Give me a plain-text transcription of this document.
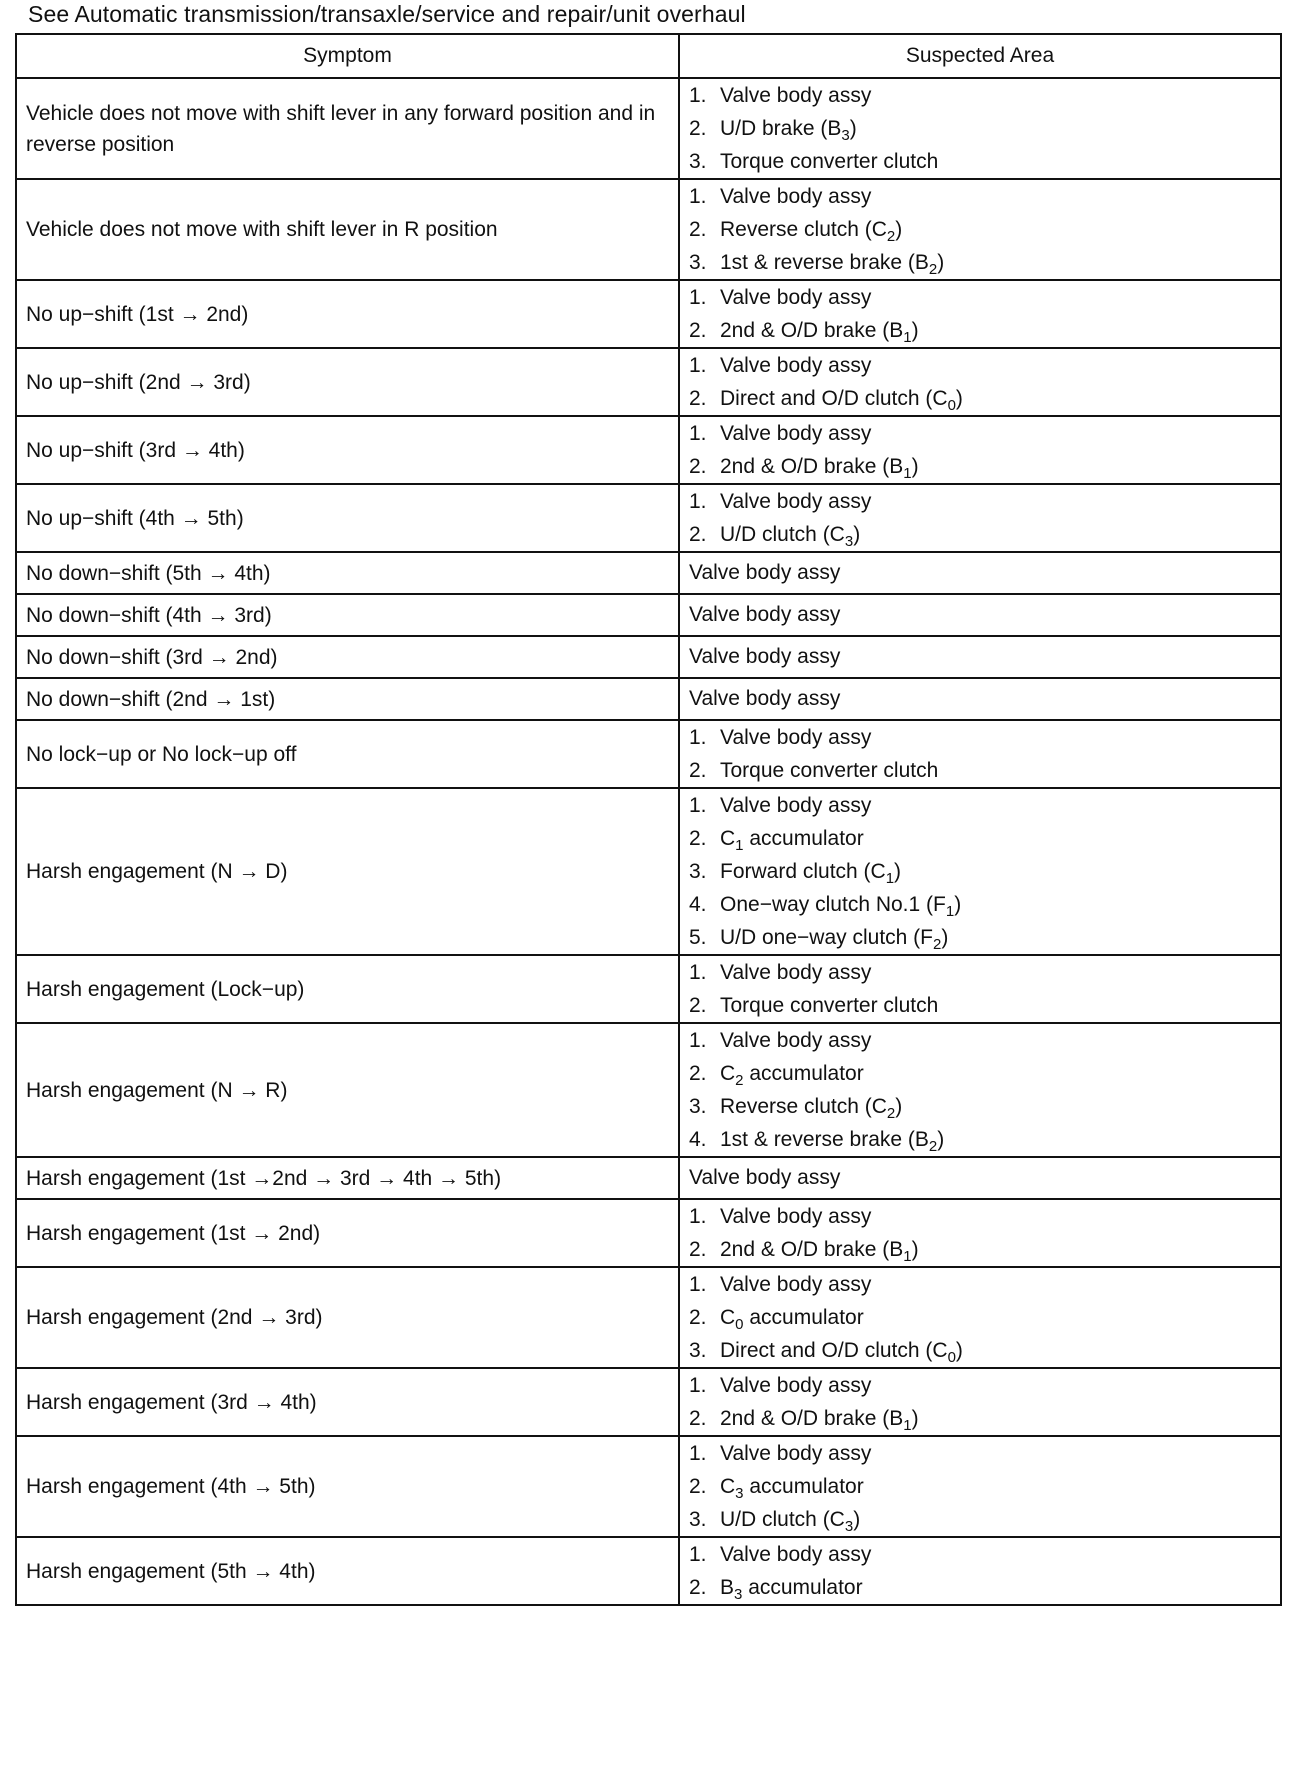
See Automatic transmission/transaxle/service and repair/unit overhaul
Symptom	Suspected Area
Vehicle does not move with shift lever in any forward position and in reverse position	1. Valve body assy
2. U/D brake $(B_3)$
3. Torque converter clutch

Vehicle does not move with shift lever in R position	1. Valve body assy
2. Reverse clutch $(C_2)$
3. 1st & reverse brake $(B_2)$

No up−shift (1st → 2nd)	1. Valve body assy
2. 2nd & O/D brake $(B_1)$

No up−shift (2nd → 3rd)	1. Valve body assy
2. Direct and O/D clutch $(C_0)$

No up−shift (3rd → 4th)	1. Valve body assy
2. 2nd & O/D brake $(B_1)$

No up−shift (4th → 5th)	1. Valve body assy
2. U/D clutch $(C_3)$

No down−shift (5th → 4th)	Valve body assy

No down−shift (4th → 3rd)	Valve body assy

No down−shift (3rd → 2nd)	Valve body assy

No down−shift (2nd → 1st)	Valve body assy

No lock−up or No lock−up off	1. Valve body assy
2. Torque converter clutch

Harsh engagement (N → D)	1. Valve body assy
2. $C_1$ accumulator
3. Forward clutch $(C_1)$
4. One−way clutch No.1 $(F_1)$
5. U/D one−way clutch $(F_2)$

Harsh engagement (Lock−up)	1. Valve body assy
2. Torque converter clutch

Harsh engagement (N → R)	1. Valve body assy
2. $C_2$ accumulator
3. Reverse clutch $(C_2)$
4. 1st & reverse brake $(B_2)$

Harsh engagement (1st →2nd → 3rd → 4th → 5th)	Valve body assy

Harsh engagement (1st → 2nd)	1. Valve body assy
2. 2nd & O/D brake $(B_1)$

Harsh engagement (2nd → 3rd)	1. Valve body assy
2. $C_0$ accumulator
3. Direct and O/D clutch $(C_0)$

Harsh engagement (3rd → 4th)	1. Valve body assy
2. 2nd & O/D brake $(B_1)$

Harsh engagement (4th → 5th)	1. Valve body assy
2. $C_3$ accumulator
3. U/D clutch $(C_3)$

Harsh engagement (5th → 4th)	1. Valve body assy
2. $B_3$ accumulator
